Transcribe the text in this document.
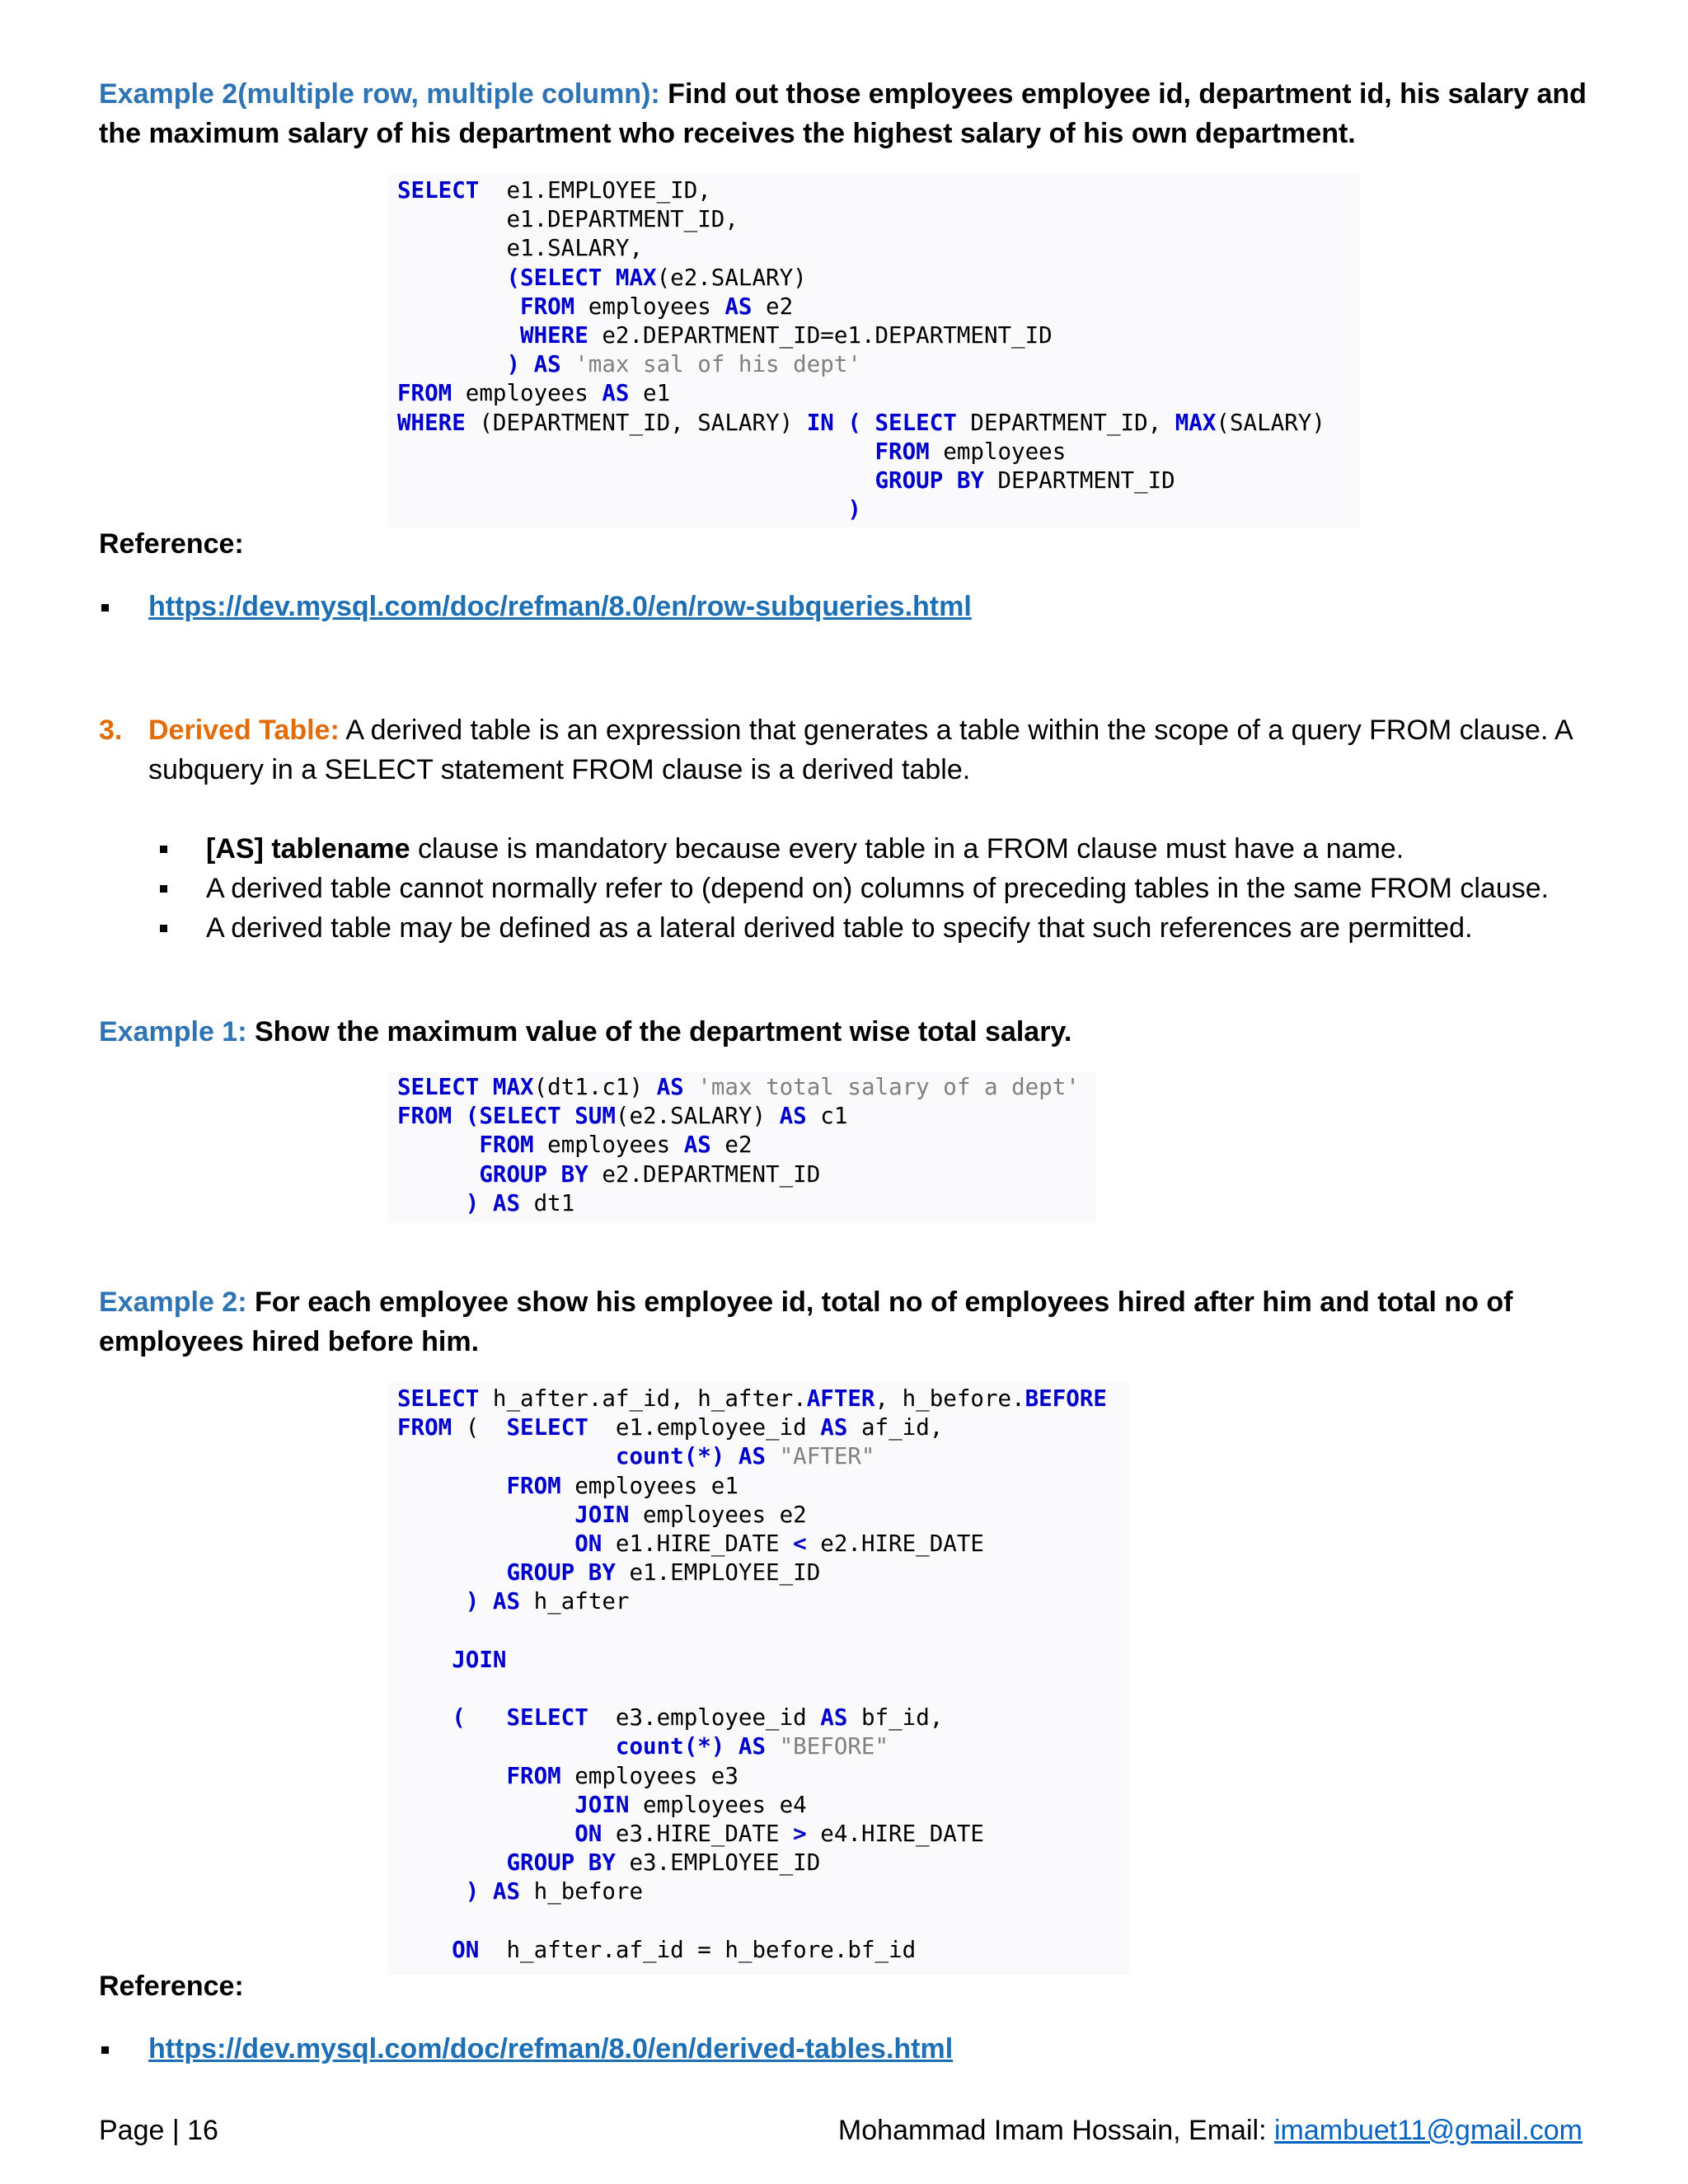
Example 2(multiple row, multiple column): Find out those employees employee id, department id, his salary and the maximum salary of his department who receives the highest salary of his own department.
SELECT  e1.EMPLOYEE_ID,
e1.DEPARTMENT_ID,
e1.SALARY,
(SELECT MAX(e2.SALARY)
FROM employees AS e2
WHERE e2.DEPARTMENT_ID=e1.DEPARTMENT_ID
) AS 'max sal of his dept'
FROM employees AS e1
WHERE (DEPARTMENT_ID, SALARY) IN ( SELECT DEPARTMENT_ID, MAX(SALARY)
FROM employees
GROUP BY DEPARTMENT_ID
)
Reference:
https://dev.mysql.com/doc/refman/8.0/en/row-subqueries.html
3. Derived Table: A derived table is an expression that generates a table within the scope of a query FROM clause. A subquery in a SELECT statement FROM clause is a derived table.
[AS] tablename clause is mandatory because every table in a FROM clause must have a name.
A derived table cannot normally refer to (depend on) columns of preceding tables in the same FROM clause.
A derived table may be defined as a lateral derived table to specify that such references are permitted.
Example 1: Show the maximum value of the department wise total salary.
SELECT MAX(dt1.c1) AS 'max total salary of a dept'
FROM (SELECT SUM(e2.SALARY) AS c1
FROM employees AS e2
GROUP BY e2.DEPARTMENT_ID
) AS dt1
Example 2: For each employee show his employee id, total no of employees hired after him and total no of employees hired before him.
SELECT h_after.af_id, h_after.AFTER, h_before.BEFORE
FROM (  SELECT  e1.employee_id AS af_id,
count(*) AS "AFTER"
FROM employees e1
JOIN employees e2
ON e1.HIRE_DATE < e2.HIRE_DATE
GROUP BY e1.EMPLOYEE_ID
) AS h_after

JOIN

(   SELECT  e3.employee_id AS bf_id,
count(*) AS "BEFORE"
FROM employees e3
JOIN employees e4
ON e3.HIRE_DATE > e4.HIRE_DATE
GROUP BY e3.EMPLOYEE_ID
) AS h_before

ON  h_after.af_id = h_before.bf_id
Reference:
https://dev.mysql.com/doc/refman/8.0/en/derived-tables.html
Page | 16	Mohammad Imam Hossain, Email: imambuet11@gmail.com
